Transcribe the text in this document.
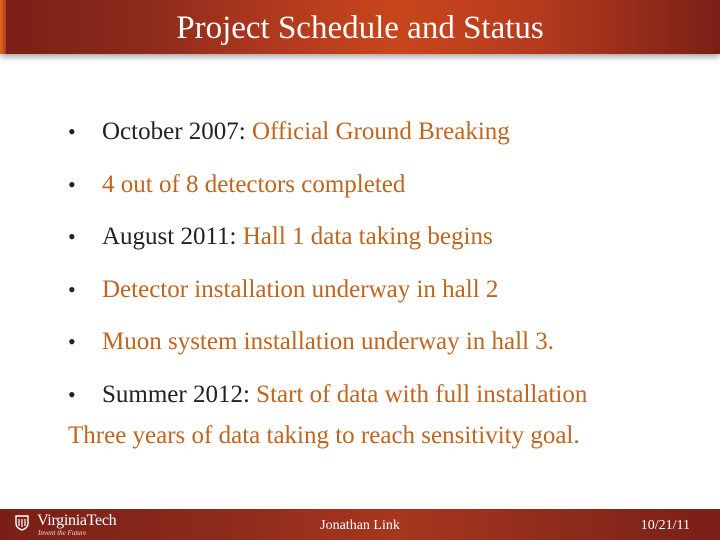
Project Schedule and Status
• October 2007: Official Ground Breaking
• 4 out of 8 detectors completed
• August 2011: Hall 1 data taking begins
• Detector installation underway in hall 2
• Muon system installation underway in hall 3.
• Summer 2012: Start of data with full installation
Three years of data taking to reach sensitivity goal.
VirginiaTech
Invent the Future	Jonathan Link	10/21/11
